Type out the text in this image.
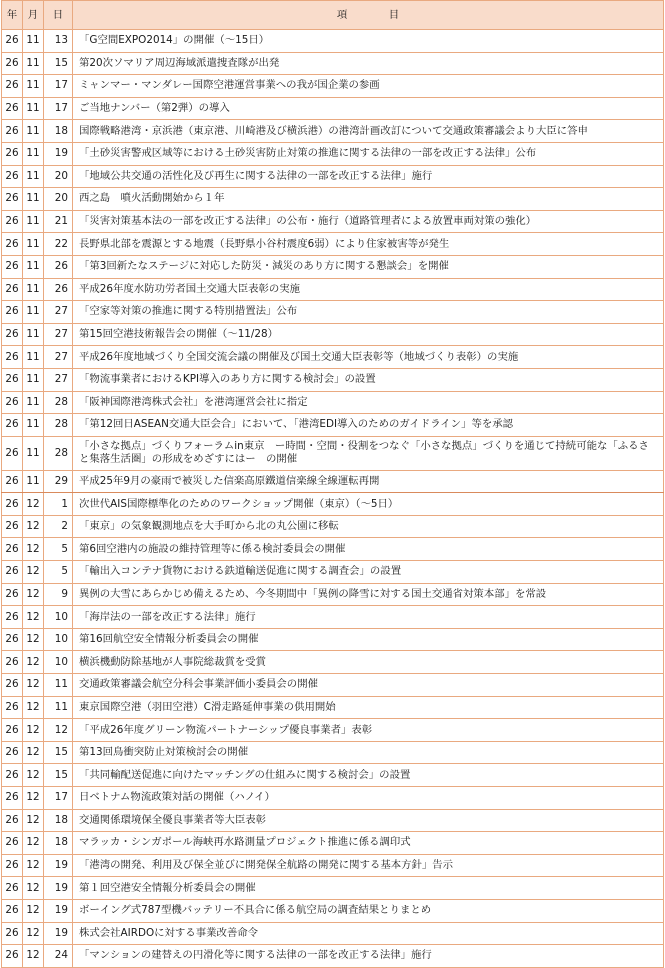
年	月	日	項　　　　目
26	11	13	「G空間EXPO2014」の開催（～15日）
26	11	15	第20次ソマリア周辺海域派遣捜査隊が出発
26	11	17	ミャンマー・マンダレー国際空港運営事業への我が国企業の参画
26	11	17	ご当地ナンバー（第2弾）の導入
26	11	18	国際戦略港湾・京浜港（東京港、川崎港及び横浜港）の港湾計画改訂について交通政策審議会より大臣に答申
26	11	19	「土砂災害警戒区域等における土砂災害防止対策の推進に関する法律の一部を改正する法律」公布
26	11	20	「地域公共交通の活性化及び再生に関する法律の一部を改正する法律」施行
26	11	20	西之島　噴火活動開始から１年
26	11	21	「災害対策基本法の一部を改正する法律」の公布・施行（道路管理者による放置車両対策の強化）
26	11	22	長野県北部を震源とする地震（長野県小谷村震度6弱）により住家被害等が発生
26	11	26	「第3回新たなステージに対応した防災・減災のあり方に関する懇談会」を開催
26	11	26	平成26年度水防功労者国土交通大臣表彰の実施
26	11	27	「空家等対策の推進に関する特別措置法」公布
26	11	27	第15回空港技術報告会の開催（～11/28）
26	11	27	平成26年度地域づくり全国交流会議の開催及び国土交通大臣表彰等（地域づくり表彰）の実施
26	11	27	「物流事業者におけるKPI導入のあり方に関する検討会」の設置
26	11	28	「阪神国際港湾株式会社」を港湾運営会社に指定
26	11	28	「第12回日ASEAN交通大臣会合」において、「港湾EDI導入のためのガイドライン」等を承認
26	11	28	「小さな拠点」づくりフォーラムin東京　ー時間・空間・役割をつなぐ「小さな拠点」づくりを通じて持続可能な「ふるさと集落生活圏」の形成をめざすにはー　の開催
26	11	29	平成25年9月の豪雨で被災した信楽高原鐵道信楽線全線運転再開
26	12	1	次世代AIS国際標準化のためのワークショップ開催（東京）（～5日）
26	12	2	「東京」の気象観測地点を大手町から北の丸公園に移転
26	12	5	第6回空港内の施設の維持管理等に係る検討委員会の開催
26	12	5	「輸出入コンテナ貨物における鉄道輸送促進に関する調査会」の設置
26	12	9	異例の大雪にあらかじめ備えるため、今冬期間中「異例の降雪に対する国土交通省対策本部」を常設
26	12	10	「海岸法の一部を改正する法律」施行
26	12	10	第16回航空安全情報分析委員会の開催
26	12	10	横浜機動防除基地が人事院総裁賞を受賞
26	12	11	交通政策審議会航空分科会事業評価小委員会の開催
26	12	11	東京国際空港（羽田空港）C滑走路延伸事業の供用開始
26	12	12	「平成26年度グリーン物流パートナーシップ優良事業者」表彰
26	12	15	第13回鳥衝突防止対策検討会の開催
26	12	15	「共同輸配送促進に向けたマッチングの仕組みに関する検討会」の設置
26	12	17	日ベトナム物流政策対話の開催（ハノイ）
26	12	18	交通関係環境保全優良事業者等大臣表彰
26	12	18	マラッカ・シンガポール海峡再水路測量プロジェクト推進に係る調印式
26	12	19	「港湾の開発、利用及び保全並びに開発保全航路の開発に関する基本方針」告示
26	12	19	第１回空港安全情報分析委員会の開催
26	12	19	ボーイング式787型機バッテリー不具合に係る航空局の調査結果とりまとめ
26	12	19	株式会社AIRDOに対する事業改善命令
26	12	24	「マンションの建替えの円滑化等に関する法律の一部を改正する法律」施行
